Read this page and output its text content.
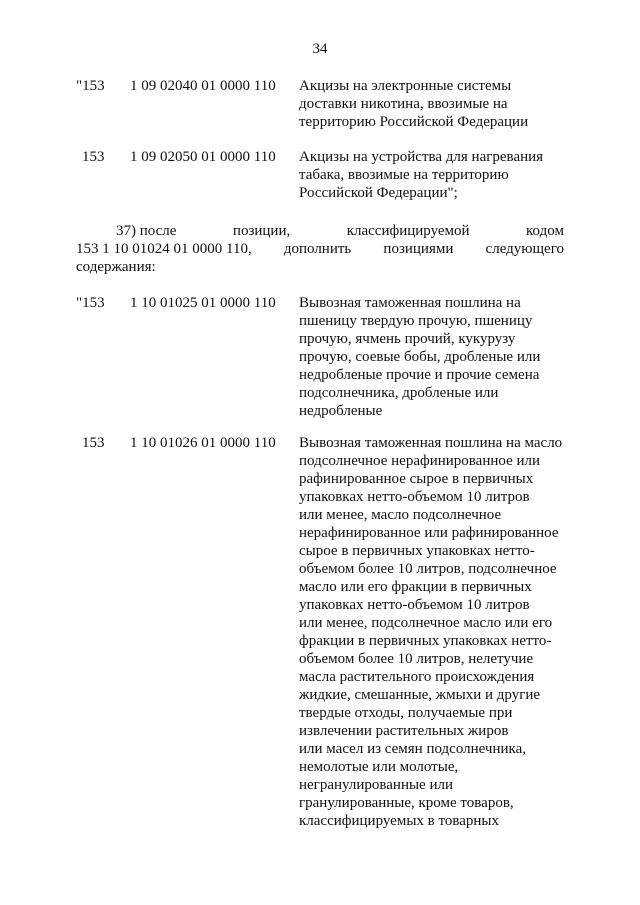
34
"153 1 09 02040 01 0000 110 Акцизы на электронные системы
доставки никотина, ввозимые на
территорию Российской Федерации
153 1 09 02050 01 0000 110 Акцизы на устройства для нагревания
табака, ввозимые на территорию
Российской Федерации";
37) после	позиции,	классифицируемой	кодом
153 1 10 01024 01 0000 110, дополнить позициями следующего
содержания:
"153 1 10 01025 01 0000 110 Вывозная таможенная пошлина на
пшеницу твердую прочую, пшеницу
прочую, ячмень прочий, кукурузу
прочую, соевые бобы, дробленые или
недробленые прочие и прочие семена
подсолнечника, дробленые или
недробленые
153 1 10 01026 01 0000 110 Вывозная таможенная пошлина на масло
подсолнечное нерафинированное или
рафинированное сырое в первичных
упаковках нетто-объемом 10 литров
или менее, масло подсолнечное
нерафинированное или рафинированное
сырое в первичных упаковках нетто-
объемом более 10 литров, подсолнечное
масло или его фракции в первичных
упаковках нетто-объемом 10 литров
или менее, подсолнечное масло или его
фракции в первичных упаковках нетто-
объемом более 10 литров, нелетучие
масла растительного происхождения
жидкие, смешанные, жмыхи и другие
твердые отходы, получаемые при
извлечении растительных жиров
или масел из семян подсолнечника,
немолотые или молотые,
негранулированные или
гранулированные, кроме товаров,
классифицируемых в товарных
